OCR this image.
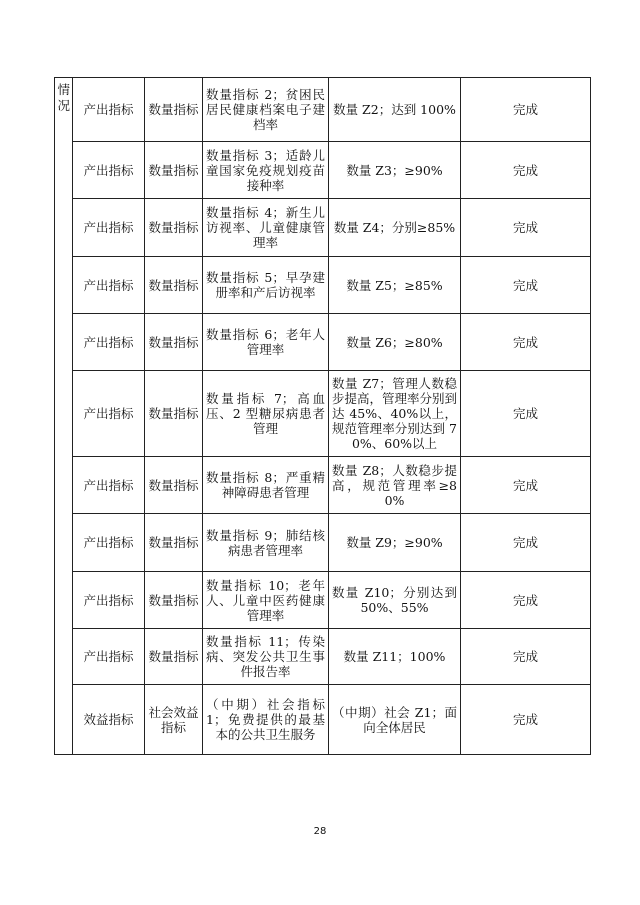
情况	产出指标	数量指标	数量指标 2；贫困民居民健康档案电子建档率	数量 Z2；达到 100%	完成
	产出指标	数量指标	数量指标 3；适龄儿童国家免疫规划疫苗接种率	数量 Z3；≥90%	完成
	产出指标	数量指标	数量指标 4；新生儿访视率、儿童健康管理率	数量 Z4；分别≥85%	完成
	产出指标	数量指标	数量指标 5；早孕建册率和产后访视率	数量 Z5；≥85%	完成
	产出指标	数量指标	数量指标 6；老年人管理率	数量 Z6；≥80%	完成
	产出指标	数量指标	数量指标 7；高血压、2 型糖尿病患者管理	数量 Z7；管理人数稳步提高，管理率分别到达 45%、40%以上，规范管理率分别达到 70%、60%以上	完成
	产出指标	数量指标	数量指标 8；严重精神障碍患者管理	数量 Z8；人数稳步提高，规范管理率≥80%	完成
	产出指标	数量指标	数量指标 9；肺结核病患者管理率	数量 Z9；≥90%	完成
	产出指标	数量指标	数量指标 10；老年人、儿童中医药健康管理率	数量 Z10；分别达到 50%、55%	完成
	产出指标	数量指标	数量指标 11；传染病、突发公共卫生事件报告率	数量 Z11；100%	完成
	效益指标	社会效益指标	（中期）社会指标 1；免费提供的最基本的公共卫生服务	（中期）社会 Z1；面向全体居民	完成
28
